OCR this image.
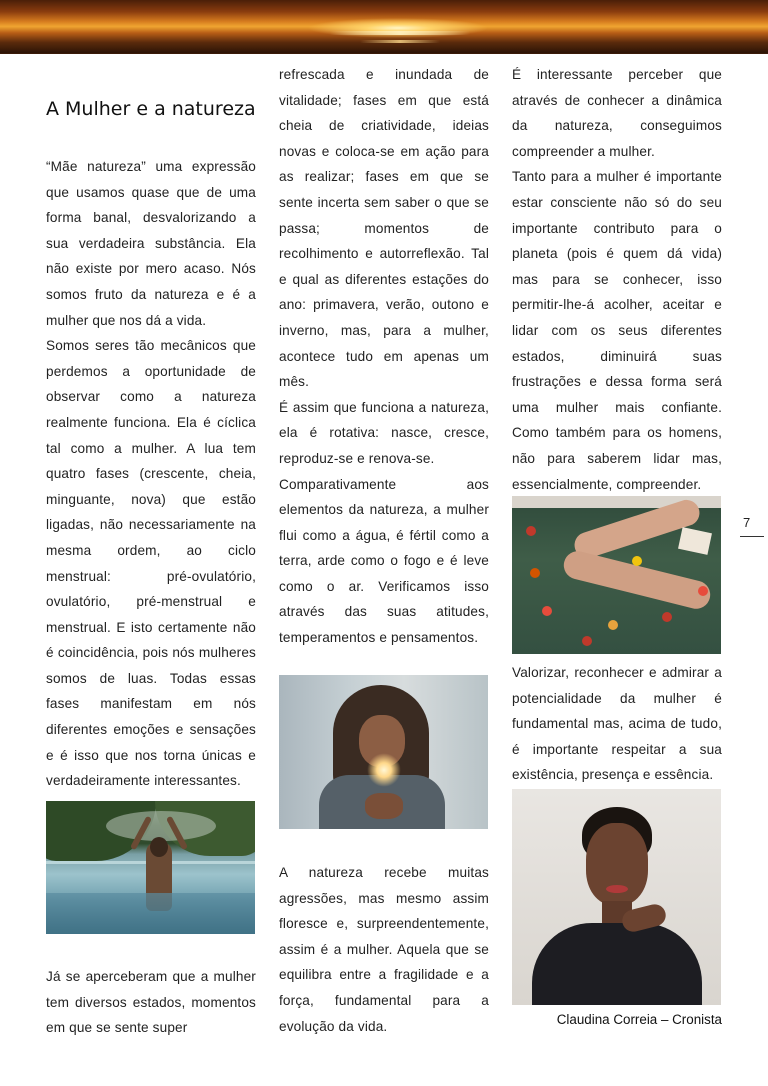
A Mulher e a natureza

“Mãe natureza” uma expressão que usamos quase que de uma forma banal, desvalorizando a sua verdadeira substância. Ela não existe por mero acaso. Nós somos fruto da natureza e é a mulher que nos dá a vida.

Somos seres tão mecânicos que perdemos a oportunidade de observar como a natureza realmente funciona. Ela é cíclica tal como a mulher. A lua tem quatro fases (crescente, cheia, minguante, nova) que estão ligadas, não necessariamente na mesma ordem, ao ciclo menstrual: pré-ovulatório, ovulatório, pré-menstrual e menstrual. E isto certamente não é coincidência, pois nós mulheres somos de luas. Todas essas fases manifestam em nós diferentes emoções e sensações e é isso que nos torna únicas e verdadeiramente interessantes.

Já se aperceberam que a mulher tem diversos estados, momentos em que se sente super

refrescada e inundada de vitalidade; fases em que está cheia de criatividade, ideias novas e coloca-se em ação para as realizar; fases em que se sente incerta sem saber o que se passa; momentos de recolhimento e autorreflexão. Tal e qual as diferentes estações do ano: primavera, verão, outono e inverno, mas, para a mulher, acontece tudo em apenas um mês.

É assim que funciona a natureza, ela é rotativa: nasce, cresce, reproduz-se e renova-se.

Comparativamente aos elementos da natureza, a mulher flui como a água, é fértil como a terra, arde como o fogo e é leve como o ar. Verificamos isso através das suas atitudes, temperamentos e pensamentos.

A natureza recebe muitas agressões, mas mesmo assim floresce e, surpreendentemente, assim é a mulher. Aquela que se equilibra entre a fragilidade e a força, fundamental para a evolução da vida.

É interessante perceber que através de conhecer a dinâmica da natureza, conseguimos compreender a mulher.

Tanto para a mulher é importante estar consciente não só do seu importante contributo para o planeta (pois é quem dá vida) mas para se conhecer, isso permitir-lhe-á acolher, aceitar e lidar com os seus diferentes estados, diminuirá suas frustrações e dessa forma será uma mulher mais confiante. Como também para os homens, não para saberem lidar mas, essencialmente, compreender.

Valorizar, reconhecer e admirar a potencialidade da mulher é fundamental mas, acima de tudo, é importante respeitar a sua existência, presença e essência.

Claudina Correia – Cronista
7
